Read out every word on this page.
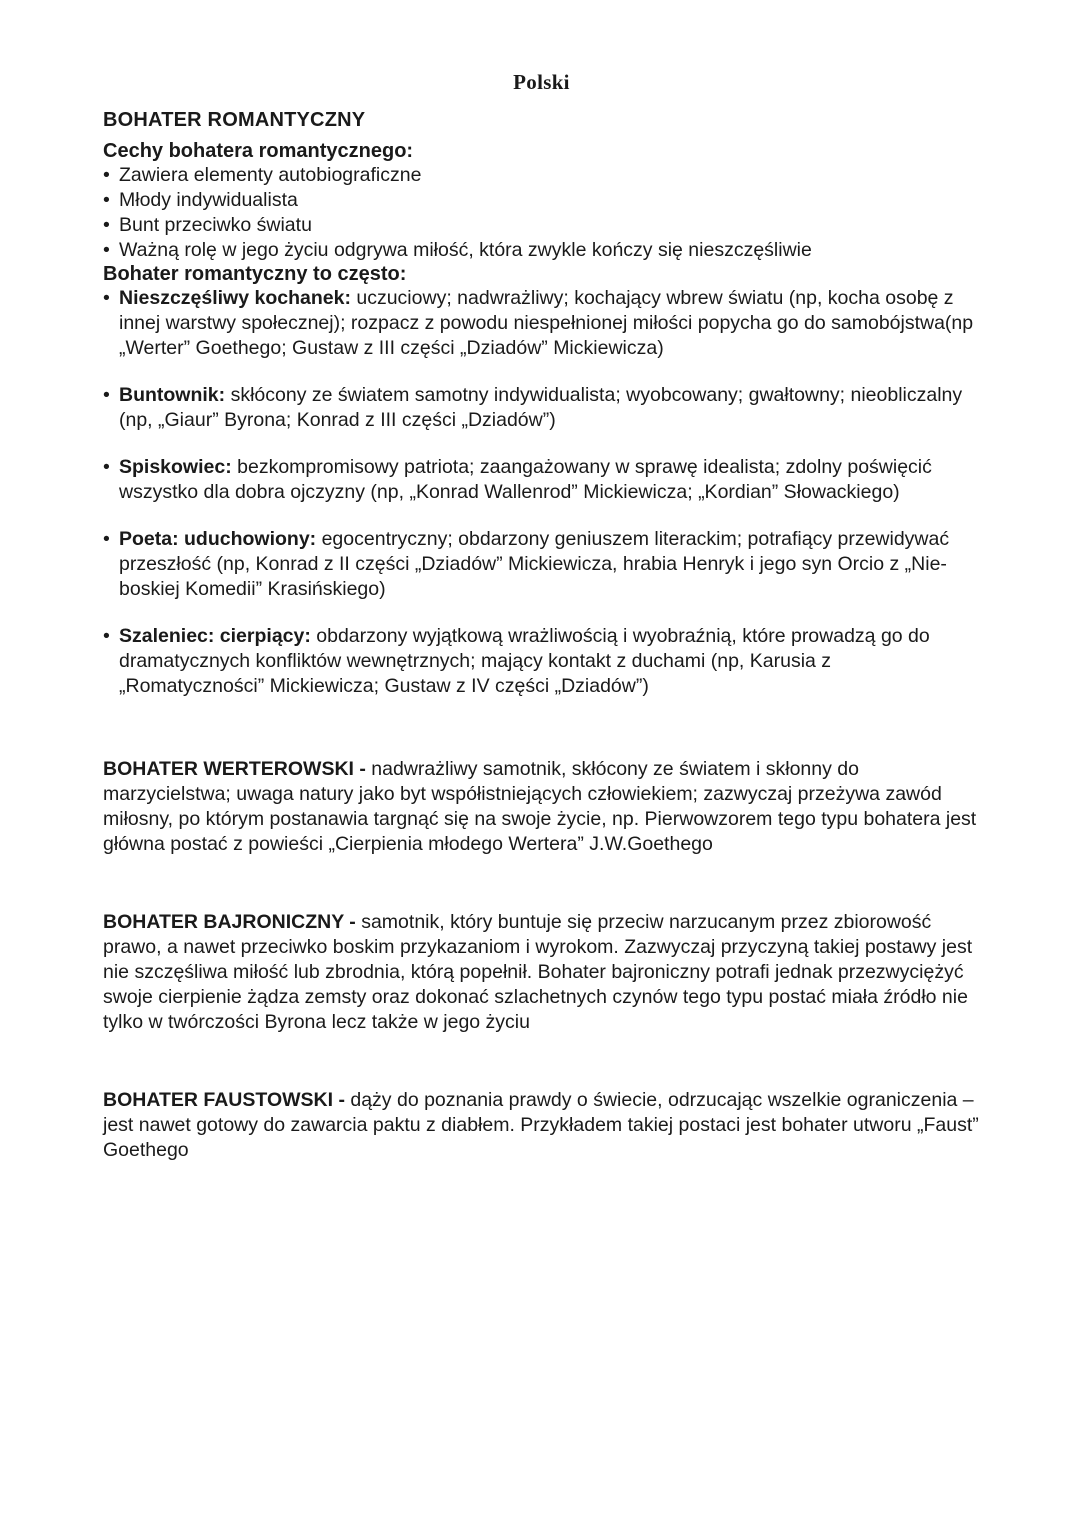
Polski
BOHATER ROMANTYCZNY
Cechy bohatera romantycznego:
• Zawiera elementy autobiograficzne
• Młody indywidualista
• Bunt przeciwko światu
• Ważną rolę w jego życiu odgrywa miłość, która zwykle kończy się nieszczęśliwie
Bohater romantyczny to często:
• Nieszczęśliwy kochanek: uczuciowy; nadwrażliwy; kochający wbrew światu (np, kocha osobę z innej warstwy społecznej); rozpacz z powodu niespełnionej miłości popycha go do samobójstwa(np „Werter” Goethego; Gustaw z III części „Dziadów” Mickiewicza)
• Buntownik: skłócony ze światem samotny indywidualista; wyobcowany; gwałtowny; nieobliczalny (np, „Giaur” Byrona; Konrad z III części „Dziadów”)
• Spiskowiec: bezkompromisowy patriota; zaangażowany w sprawę idealista; zdolny poświęcić wszystko dla dobra ojczyzny (np, „Konrad Wallenrod” Mickiewicza; „Kordian” Słowackiego)
• Poeta: uduchowiony: egocentryczny; obdarzony geniuszem literackim; potrafiący przewidywać przeszłość (np, Konrad z II części „Dziadów” Mickiewicza, hrabia Henryk i jego syn Orcio z „Nie-boskiej Komedii” Krasińskiego)
• Szaleniec: cierpiący: obdarzony wyjątkową wrażliwością i wyobraźnią, które prowadzą go do dramatycznych konfliktów wewnętrznych; mający kontakt z duchami (np, Karusia z „Romatyczności” Mickiewicza; Gustaw z IV części „Dziadów”)

BOHATER WERTEROWSKI - nadwrażliwy samotnik, skłócony ze światem i skłonny do marzycielstwa; uwaga natury jako byt współistniejących człowiekiem; zazwyczaj przeżywa zawód miłosny, po którym postanawia targnąć się na swoje życie, np. Pierwowzorem tego typu bohatera jest główna postać z powieści „Cierpienia młodego Wertera” J.W.Goethego

BOHATER BAJRONICZNY - samotnik, który buntuje się przeciw narzucanym przez zbiorowość prawo, a nawet przeciwko boskim przykazaniom i wyrokom. Zazwyczaj przyczyną takiej postawy jest nie szczęśliwa miłość lub zbrodnia, którą popełnił. Bohater bajroniczny potrafi jednak przezwyciężyć swoje cierpienie żądza zemsty oraz dokonać szlachetnych czynów tego typu postać miała źródło nie tylko w twórczości Byrona lecz także w jego życiu

BOHATER FAUSTOWSKI - dąży do poznania prawdy o świecie, odrzucając wszelkie ograniczenia – jest nawet gotowy do zawarcia paktu z diabłem. Przykładem takiej postaci jest bohater utworu „Faust” Goethego
